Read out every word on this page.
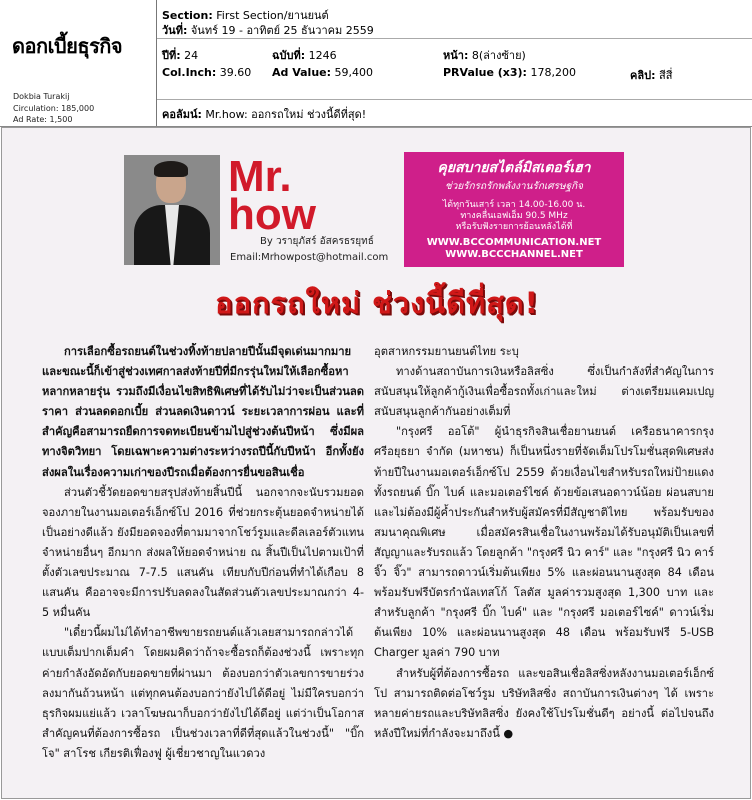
ดอกเบี้ยธุรกิจ
Dokbia Turakij
Circulation: 185,000
Ad Rate: 1,500
Section: First Section/ยานยนต์
วันที่: จันทร์ 19 - อาทิตย์ 25 ธันวาคม 2559
ปีที่: 24	ฉบับที่: 1246	หน้า: 8(ล่างซ้าย)
Col.Inch: 39.60 Ad Value: 59,400	PRValue (x3): 178,200	คลิป: สีสี่
คอลัมน์: Mr.how: ออกรถใหม่ ช่วงนี้ดีที่สุด!
Mr.
how
By วรายุภัสร์ อัสครธรยุทธ์
Email:Mrhowpost@hotmail.com
คุยสบายสไตล์มิสเตอร์เฮา
ช่วยรักรถรักพลังงานรักเศรษฐกิจ
ได้ทุกวันเสาร์ เวลา 14.00-16.00 น.
ทางคลื่นเอฟเอ็ม 90.5 MHz
หรือรับฟังรายการย้อนหลังได้ที่
WWW.BCCOMMUNICATION.NET
WWW.BCCCHANNEL.NET
ออกรถใหม่ ช่วงนี้ดีที่สุด!

การเลือกซื้อรถยนต์ในช่วงทิ้งท้ายปลายปีนั้นมีจุดเด่นมากมาย และขณะนี้ก็เข้าสู่ช่วงเทศกาลส่งท้ายปีที่มีกรรุ่นใหม่ให้เลือกซื้อหาหลากหลายรุ่น รวมถึงมีเงื่อนไขสิทธิพิเศษที่ได้รับไม่ว่าจะเป็นส่วนลดราคา ส่วนลดดอกเบี้ย ส่วนลดเงินดาวน์ ระยะเวลาการผ่อน และที่สำคัญคือสามารถยืดการจดทะเบียนข้ามไปสู่ช่วงต้นปีหน้า ซึ่งมีผลทางจิตวิทยา โดยเฉพาะความต่างระหว่างรถปีนี้กับปีหน้า อีกทั้งยังส่งผลในเรื่องความเก่าของปีรถเมื่อต้องการยื่นขอสินเชื่อ

ส่วนตัวชี้วัดยอดขายสรุปส่งท้ายสิ้นปีนี้ นอกจากจะนับรวมยอดจองภายในงานมอเตอร์เอ็กซ์โป 2016 ที่ช่วยกระตุ้นยอดจำหน่ายได้เป็นอย่างดีแล้ว ยังมียอดจองที่ตามมาจากโชว์รูมและดีลเลอร์ตัวแทนจำหน่ายอื่นๆ อีกมาก ส่งผลให้ยอดจำหน่าย ณ สิ้นปีเป็นไปตามเป้าที่ตั้งตัวเลขประมาณ 7-7.5 แสนคัน เทียบกับปีก่อนที่ทำได้เกือบ 8 แสนคัน คืออาจจะมีการปรับลดลงในสัดส่วนตัวเลขประมาณกว่า 4-5 หมื่นคัน

"เดี๋ยวนี้ผมไม่ได้ทำอาชีพขายรถยนต์แล้วเลยสามารถกล่าวได้แบบเต็มปากเต็มคำ โดยผมคิดว่าถ้าจะซื้อรถก็ต้องช่วงนี้ เพราะทุกค่ายกำลังอัดอัดกับยอดขายที่ผ่านมา ต้องบอกว่าตัวเลขการขายร่วงลงมากันถ้วนหน้า แต่ทุกคนต้องบอกว่ายังไปได้ดีอยู่ ไม่มีใครบอกว่าธุรกิจผมแย่แล้ว เวลาโฆษณาก็บอกว่ายังไปได้ดีอยู่ แต่ว่าเป็นโอกาสสำคัญคนที่ต้องการซื้อรถ เป็นช่วงเวลาที่ดีที่สุดแล้วในช่วงนี้" "บิ๊กโจ" สาโรช เกียรติเฟื่องฟู ผู้เชี่ยวชาญในแวดวง

อุตสาหกรรมยานยนต์ไทย ระบุ

ทางด้านสถาบันการเงินหรือลิสซิ่ง ซึ่งเป็นกำลังที่สำคัญในการสนับสนุนให้ลูกค้ากู้เงินเพื่อซื้อรถทั้งเก่าและใหม่ ต่างเตรียมแคมเปญสนับสนุนลูกค้ากันอย่างเต็มที่

"กรุงศรี ออโต้" ผู้นำธุรกิจสินเชื่อยานยนต์ เครือธนาคารกรุงศรีอยุธยา จำกัด (มหาชน) ก็เป็นหนึ่งรายที่จัดเต็มโปรโมชั่นสุดพิเศษส่งท้ายปีในงานมอเตอร์เอ็กซ์โป 2559 ด้วยเงื่อนไขสำหรับรถใหม่ป้ายแดง ทั้งรถยนต์ บิ๊ก ไบค์ และมอเตอร์ไซค์ ด้วยข้อเสนอดาวน์น้อย ผ่อนสบาย และไม่ต้องมีผู้ค้ำประกันสำหรับผู้สมัครที่มีสัญชาติไทย พร้อมรับของสมนาคุณพิเศษ เมื่อสมัครสินเชื่อในงานพร้อมได้รับอนุมัติเป็นเลขที่สัญญาและรับรถแล้ว โดยลูกค้า "กรุงศรี นิว คาร์" และ "กรุงศรี นิว คาร์ จิ๊ว จิ๊ว" สามารถดาวน์เริ่มต้นเพียง 5% และผ่อนนานสูงสุด 84 เดือน พร้อมรับฟรีบัตรกำนัลเทสโก้ โลตัส มูลค่ารวมสูงสุด 1,300 บาท และสำหรับลูกค้า "กรุงศรี บิ๊ก ไบค์" และ "กรุงศรี มอเตอร์ไซค์" ดาวน์เริ่มต้นเพียง 10% และผ่อนนานสูงสุด 48 เดือน พร้อมรับฟรี 5-USB Charger มูลค่า 790 บาท

สำหรับผู้ที่ต้องการซื้อรถ และขอสินเชื่อลิสซิ่งหลังงานมอเตอร์เอ็กซ์โป สามารถติดต่อโชว์รูม บริษัทลิสซิ่ง สถาบันการเงินต่างๆ ได้ เพราะหลายค่ายรถและบริษัทลิสซิ่ง ยังคงใช้โปรโมชั่นดีๆ อย่างนี้ ต่อไปจนถึงหลังปีใหม่ที่กำลังจะมาถึงนี้ ●
